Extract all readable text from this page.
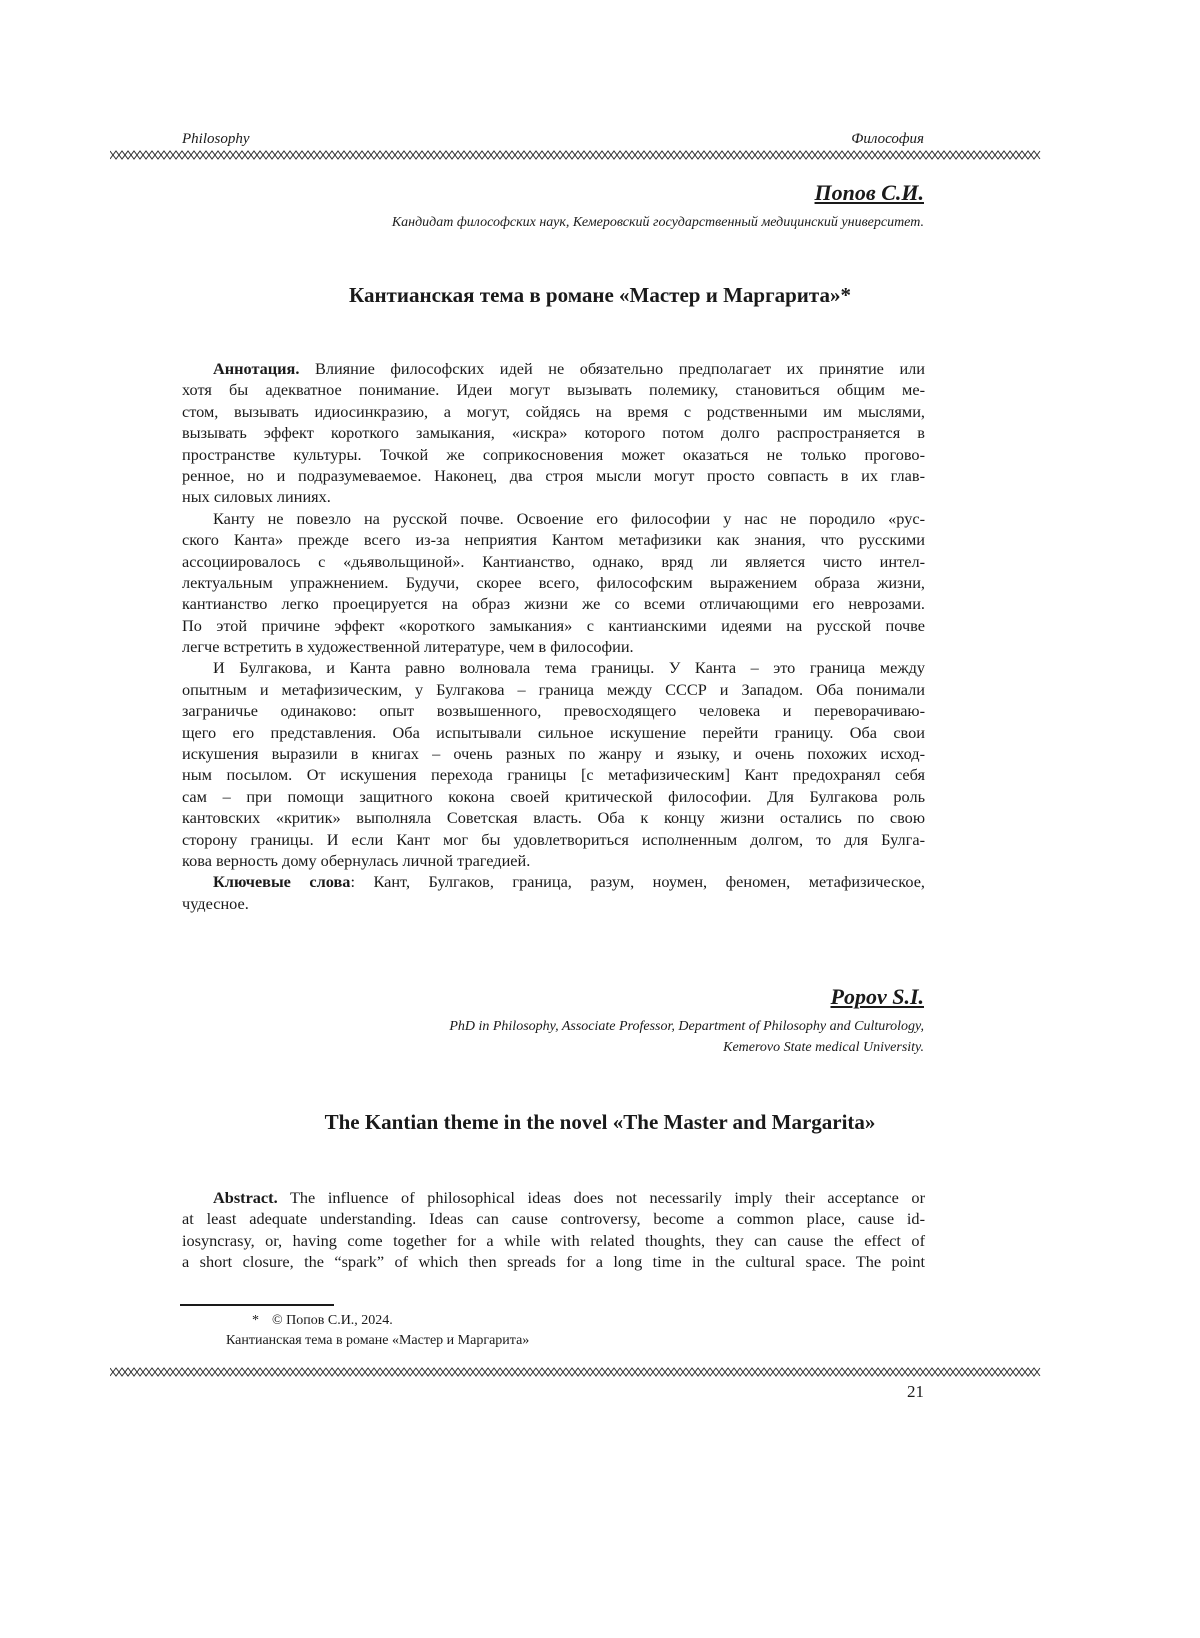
Philosophy	Философия
Попов С.И.
Кандидат философских наук, Кемеровский государственный медицинский университет.
Кантианская тема в романе «Мастер и Маргарита»*
Аннотация. Влияние философских идей не обязательно предполагает их принятие или
хотя бы адекватное понимание. Идеи могут вызывать полемику, становиться общим ме-
стом, вызывать идиосинкразию, а могут, сойдясь на время с родственными им мыслями,
вызывать эффект короткого замыкания, «искра» которого потом долго распространяется в
пространстве культуры. Точкой же соприкосновения может оказаться не только прогово-
ренное, но и подразумеваемое. Наконец, два строя мысли могут просто совпасть в их глав-
ных силовых линиях.
Канту не повезло на русской почве. Освоение его философии у нас не породило «рус-
ского Канта» прежде всего из-за неприятия Кантом метафизики как знания, что русскими
ассоциировалось с «дьявольщиной». Кантианство, однако, вряд ли является чисто интел-
лектуальным упражнением. Будучи, скорее всего, философским выражением образа жизни,
кантианство легко проецируется на образ жизни же со всеми отличающими его неврозами.
По этой причине эффект «короткого замыкания» с кантианскими идеями на русской почве
легче встретить в художественной литературе, чем в философии.
И Булгакова, и Канта равно волновала тема границы. У Канта – это граница между
опытным и метафизическим, у Булгакова – граница между СССР и Западом. Оба понимали
заграничье одинаково: опыт возвышенного, превосходящего человека и переворачиваю-
щего его представления. Оба испытывали сильное искушение перейти границу. Оба свои
искушения выразили в книгах – очень разных по жанру и языку, и очень похожих исход-
ным посылом. От искушения перехода границы [с метафизическим] Кант предохранял себя
сам – при помощи защитного кокона своей критической философии. Для Булгакова роль
кантовских «критик» выполняла Советская власть. Оба к концу жизни остались по свою
сторону границы. И если Кант мог бы удовлетвориться исполненным долгом, то для Булга-
кова верность дому обернулась личной трагедией.
Ключевые слова: Кант, Булгаков, граница, разум, ноумен, феномен, метафизическое,
чудесное.
Popov S.I.
PhD in Philosophy, Associate Professor, Department of Philosophy and Culturology,
Kemerovo State medical University.
The Kantian theme in the novel «The Master and Margarita»
Abstract. The influence of philosophical ideas does not necessarily imply their acceptance or
at least adequate understanding. Ideas can cause controversy, become a common place, cause id-
iosyncrasy, or, having come together for a while with related thoughts, they can cause the effect of
a short closure, the “spark” of which then spreads for a long time in the cultural space. The point
* © Попов С.И., 2024.
Кантианская тема в романе «Мастер и Маргарита»
21
